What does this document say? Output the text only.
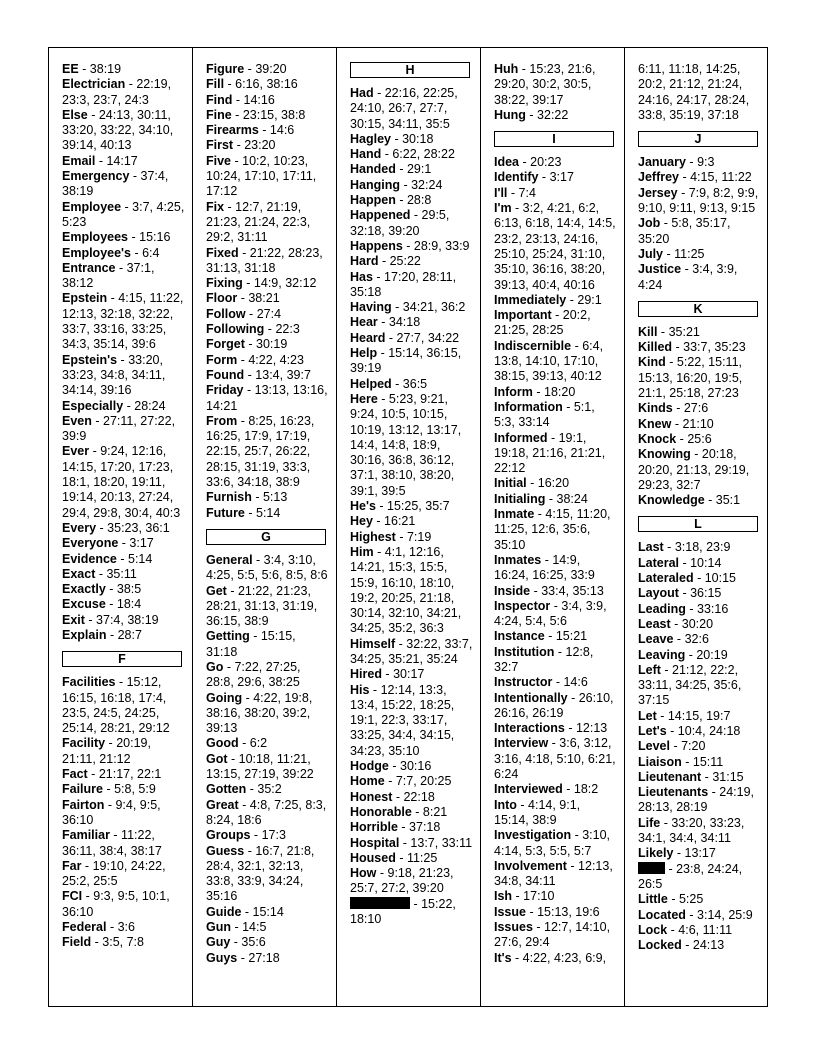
EE - 38:19
Electrician - 22:19, 23:3, 23:7, 24:3
Else - 24:13, 30:11, 33:20, 33:22, 34:10, 39:14, 40:13
Email - 14:17
Emergency - 37:4, 38:19
Employee - 3:7, 4:25, 5:23
Employees - 15:16
Employee's - 6:4
Entrance - 37:1, 38:12
Epstein - 4:15, 11:22, 12:13, 32:18, 32:22, 33:7, 33:16, 33:25, 34:3, 35:14, 39:6
Epstein's - 33:20, 33:23, 34:8, 34:11, 34:14, 39:16
Especially - 28:24
Even - 27:11, 27:22, 39:9
Ever - 9:24, 12:16, 14:15, 17:20, 17:23, 18:1, 18:20, 19:11, 19:14, 20:13, 27:24, 29:4, 29:8, 30:4, 40:3
Every - 35:23, 36:1
Everyone - 3:17
Evidence - 5:14
Exact - 35:11
Exactly - 38:5
Excuse - 18:4
Exit - 37:4, 38:19
Explain - 28:7
F
Facilities - 15:12, 16:15, 16:18, 17:4, 23:5, 24:5, 24:25, 25:14, 28:21, 29:12
Facility - 20:19, 21:11, 21:12
Fact - 21:17, 22:1
Failure - 5:8, 5:9
Fairton - 9:4, 9:5, 36:10
Familiar - 11:22, 36:11, 38:4, 38:17
Far - 19:10, 24:22, 25:2, 25:5
FCI - 9:3, 9:5, 10:1, 36:10
Federal - 3:6
Field - 3:5, 7:8
Figure - 39:20
Fill - 6:16, 38:16
Find - 14:16
Fine - 23:15, 38:8
Firearms - 14:6
First - 23:20
Five - 10:2, 10:23, 10:24, 17:10, 17:11, 17:12
Fix - 12:7, 21:19, 21:23, 21:24, 22:3, 29:2, 31:11
Fixed - 21:22, 28:23, 31:13, 31:18
Fixing - 14:9, 32:12
Floor - 38:21
Follow - 27:4
Following - 22:3
Forget - 30:19
Form - 4:22, 4:23
Found - 13:4, 39:7
Friday - 13:13, 13:16, 14:21
From - 8:25, 16:23, 16:25, 17:9, 17:19, 22:15, 25:7, 26:22, 28:15, 31:19, 33:3, 33:6, 34:18, 38:9
Furnish - 5:13
Future - 5:14
G
General - 3:4, 3:10, 4:25, 5:5, 5:6, 8:5, 8:6
Get - 21:22, 21:23, 28:21, 31:13, 31:19, 36:15, 38:9
Getting - 15:15, 31:18
Go - 7:22, 27:25, 28:8, 29:6, 38:25
Going - 4:22, 19:8, 38:16, 38:20, 39:2, 39:13
Good - 6:2
Got - 10:18, 11:21, 13:15, 27:19, 39:22
Gotten - 35:2
Great - 4:8, 7:25, 8:3, 8:24, 18:6
Groups - 17:3
Guess - 16:7, 21:8, 28:4, 32:1, 32:13, 33:8, 33:9, 34:24, 35:16
Guide - 15:14
Gun - 14:5
Guy - 35:6
Guys - 27:18
H
Had - 22:16, 22:25, 24:10, 26:7, 27:7, 30:15, 34:11, 35:5
Hagley - 30:18
Hand - 6:22, 28:22
Handed - 29:1
Hanging - 32:24
Happen - 28:8
Happened - 29:5, 32:18, 39:20
Happens - 28:9, 33:9
Hard - 25:22
Has - 17:20, 28:11, 35:18
Having - 34:21, 36:2
Hear - 34:18
Heard - 27:7, 34:22
Help - 15:14, 36:15, 39:19
Helped - 36:5
Here - 5:23, 9:21, 9:24, 10:5, 10:15, 10:19, 13:12, 13:17, 14:4, 14:8, 18:9, 30:16, 36:8, 36:12, 37:1, 38:10, 38:20, 39:1, 39:5
He's - 15:25, 35:7
Hey - 16:21
Highest - 7:19
Him - 4:1, 12:16, 14:21, 15:3, 15:5, 15:9, 16:10, 18:10, 19:2, 20:25, 21:18, 30:14, 32:10, 34:21, 34:25, 35:2, 36:3
Himself - 32:22, 33:7, 34:25, 35:21, 35:24
Hired - 30:17
His - 12:14, 13:3, 13:4, 15:22, 18:25, 19:1, 22:3, 33:17, 33:25, 34:4, 34:15, 34:23, 35:10
Hodge - 30:16
Home - 7:7, 20:25
Honest - 22:18
Honorable - 8:21
Horrible - 37:18
Hospital - 13:7, 33:11
Housed - 11:25
How - 9:18, 21:23, 25:7, 27:2, 39:20
- 15:22, 18:10
Huh - 15:23, 21:6, 29:20, 30:2, 30:5, 38:22, 39:17
Hung - 32:22
I
Idea - 20:23
Identify - 3:17
I'll - 7:4
I'm - 3:2, 4:21, 6:2, 6:13, 6:18, 14:4, 14:5, 23:2, 23:13, 24:16, 25:10, 25:24, 31:10, 35:10, 36:16, 38:20, 39:13, 40:4, 40:16
Immediately - 29:1
Important - 20:2, 21:25, 28:25
Indiscernible - 6:4, 13:8, 14:10, 17:10, 38:15, 39:13, 40:12
Inform - 18:20
Information - 5:1, 5:3, 33:14
Informed - 19:1, 19:18, 21:16, 21:21, 22:12
Initial - 16:20
Initialing - 38:24
Inmate - 4:15, 11:20, 11:25, 12:6, 35:6, 35:10
Inmates - 14:9, 16:24, 16:25, 33:9
Inside - 33:4, 35:13
Inspector - 3:4, 3:9, 4:24, 5:4, 5:6
Instance - 15:21
Institution - 12:8, 32:7
Instructor - 14:6
Intentionally - 26:10, 26:16, 26:19
Interactions - 12:13
Interview - 3:6, 3:12, 3:16, 4:18, 5:10, 6:21, 6:24
Interviewed - 18:2
Into - 4:14, 9:1, 15:14, 38:9
Investigation - 3:10, 4:14, 5:3, 5:5, 5:7
Involvement - 12:13, 34:8, 34:11
Ish - 17:10
Issue - 15:13, 19:6
Issues - 12:7, 14:10, 27:6, 29:4
It's - 4:22, 4:23, 6:9,
6:11, 11:18, 14:25, 20:2, 21:12, 21:24, 24:16, 24:17, 28:24, 33:8, 35:19, 37:18
J
January - 9:3
Jeffrey - 4:15, 11:22
Jersey - 7:9, 8:2, 9:9, 9:10, 9:11, 9:13, 9:15
Job - 5:8, 35:17, 35:20
July - 11:25
Justice - 3:4, 3:9, 4:24
K
Kill - 35:21
Killed - 33:7, 35:23
Kind - 5:22, 15:11, 15:13, 16:20, 19:5, 21:1, 25:18, 27:23
Kinds - 27:6
Knew - 21:10
Knock - 25:6
Knowing - 20:18, 20:20, 21:13, 29:19, 29:23, 32:7
Knowledge - 35:1
L
Last - 3:18, 23:9
Lateral - 10:14
Lateraled - 10:15
Layout - 36:15
Leading - 33:16
Least - 30:20
Leave - 32:6
Leaving - 20:19
Left - 21:12, 22:2, 33:11, 34:25, 35:6, 37:15
Let - 14:15, 19:7
Let's - 10:4, 24:18
Level - 7:20
Liaison - 15:11
Lieutenant - 31:15
Lieutenants - 24:19, 28:13, 28:19
Life - 33:20, 33:23, 34:1, 34:4, 34:11
Likely - 13:17
- 23:8, 24:24, 26:5
Little - 5:25
Located - 3:14, 25:9
Lock - 4:6, 11:11
Locked - 24:13
